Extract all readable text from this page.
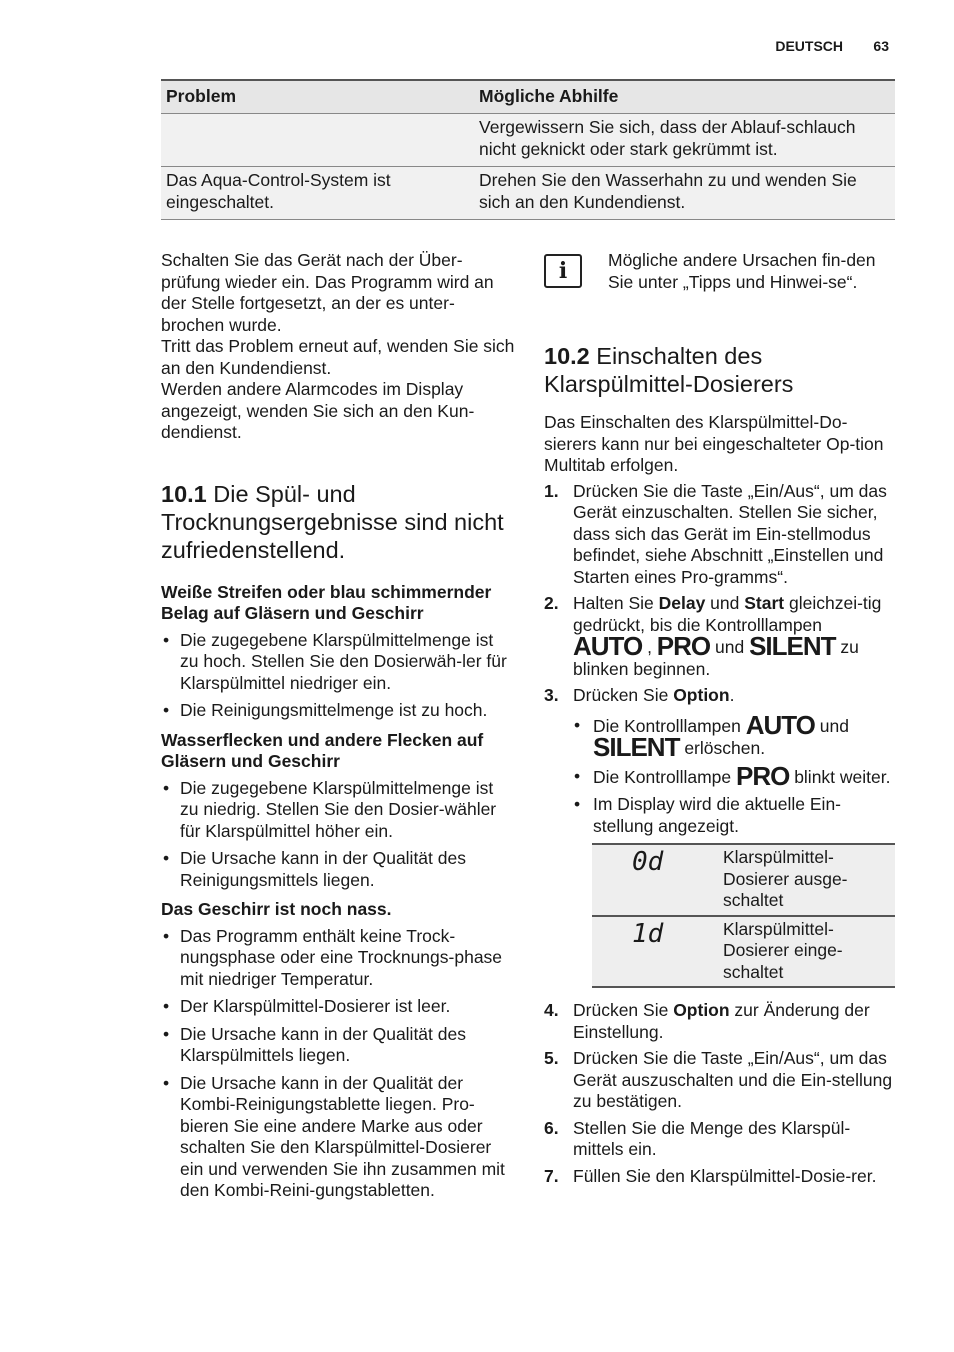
DEUTSCH 63
Problem	Mögliche Abhilfe
	Vergewissern Sie sich, dass der Ablauf-schlauch nicht geknickt oder stark gekrümmt ist.
Das Aqua-Control-System ist eingeschaltet.	Drehen Sie den Wasserhahn zu und wenden Sie sich an den Kundendienst.

Schalten Sie das Gerät nach der Über-prüfung wieder ein. Das Programm wird an der Stelle fortgesetzt, an der es unter-brochen wurde.

Tritt das Problem erneut auf, wenden Sie sich an den Kundendienst.

Werden andere Alarmcodes im Display angezeigt, wenden Sie sich an den Kun-dendienst.

10.1 Die Spül- und Trocknungsergebnisse sind nicht zufriedenstellend.

Weiße Streifen oder blau schimmernder Belag auf Gläsern und Geschirr

• Die zugegebene Klarspülmittelmenge ist zu hoch. Stellen Sie den Dosierwäh-ler für Klarspülmittel niedriger ein.
• Die Reinigungsmittelmenge ist zu hoch.

Wasserflecken und andere Flecken auf Gläsern und Geschirr

• Die zugegebene Klarspülmittelmenge ist zu niedrig. Stellen Sie den Dosier-wähler für Klarspülmittel höher ein.
• Die Ursache kann in der Qualität des Reinigungsmittels liegen.

Das Geschirr ist noch nass.

• Das Programm enthält keine Trock-nungsphase oder eine Trocknungs-phase mit niedriger Temperatur.
• Der Klarspülmittel-Dosierer ist leer.
• Die Ursache kann in der Qualität des Klarspülmittels liegen.
• Die Ursache kann in der Qualität der Kombi-Reinigungstablette liegen. Pro-bieren Sie eine andere Marke aus oder schalten Sie den Klarspülmittel-Dosierer ein und verwenden Sie ihn zusammen mit den Kombi-Reini-gungstabletten.
i	Mögliche andere Ursachen fin-den Sie unter „Tipps und Hinwei-se“.
10.2 Einschalten des Klarspülmittel-Dosierers

Das Einschalten des Klarspülmittel-Do-sierers kann nur bei eingeschalteter Op-tion Multitab erfolgen.

1. Drücken Sie die Taste „Ein/Aus“, um das Gerät einzuschalten. Stellen Sie sicher, dass sich das Gerät im Ein-stellmodus befindet, siehe Abschnitt „Einstellen und Starten eines Pro-gramms“.
2. Halten Sie Delay und Start gleichzei-tig gedrückt, bis die Kontrolllampen AUTO , PRO und SILENT zu blinken beginnen.
3. Drücken Sie Option.
• Die Kontrolllampen AUTO und SILENT erlöschen.
• Die Kontrolllampe PRO blinkt weiter.
• Im Display wird die aktuelle Ein-stellung angezeigt.
0d	Klarspülmittel-Dosierer ausge-schaltet
1d	Klarspülmittel-Dosierer einge-schaltet
4. Drücken Sie Option zur Änderung der Einstellung.
5. Drücken Sie die Taste „Ein/Aus“, um das Gerät auszuschalten und die Ein-stellung zu bestätigen.
6. Stellen Sie die Menge des Klarspül-mittels ein.
7. Füllen Sie den Klarspülmittel-Dosie-rer.
